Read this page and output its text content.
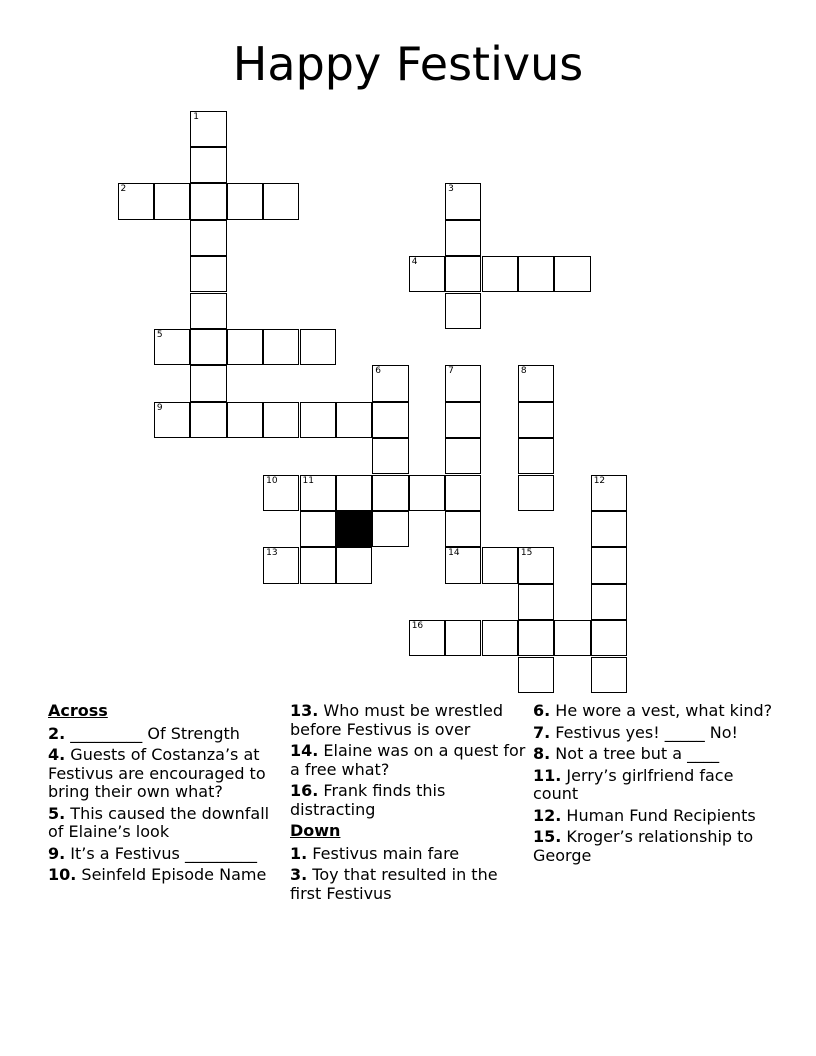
Happy Festivus
1
2	3
4
5
6	7	8
9
10	11	12
13	14	15
16
Across
2. _________ Of Strength
4. Guests of Costanza’s at Festivus are encouraged to bring their own what?
5. This caused the downfall of Elaine’s look
9. It’s a Festivus _________
10. Seinfeld Episode Name
13. Who must be wrestled before Festivus is over
14. Elaine was on a quest for a free what?
16. Frank finds this distracting
Down
1. Festivus main fare
3. Toy that resulted in the first Festivus
6. He wore a vest, what kind?
7. Festivus yes! _____ No!
8. Not a tree but a ____
11. Jerry’s girlfriend face count
12. Human Fund Recipients
15. Kroger’s relationship to George
